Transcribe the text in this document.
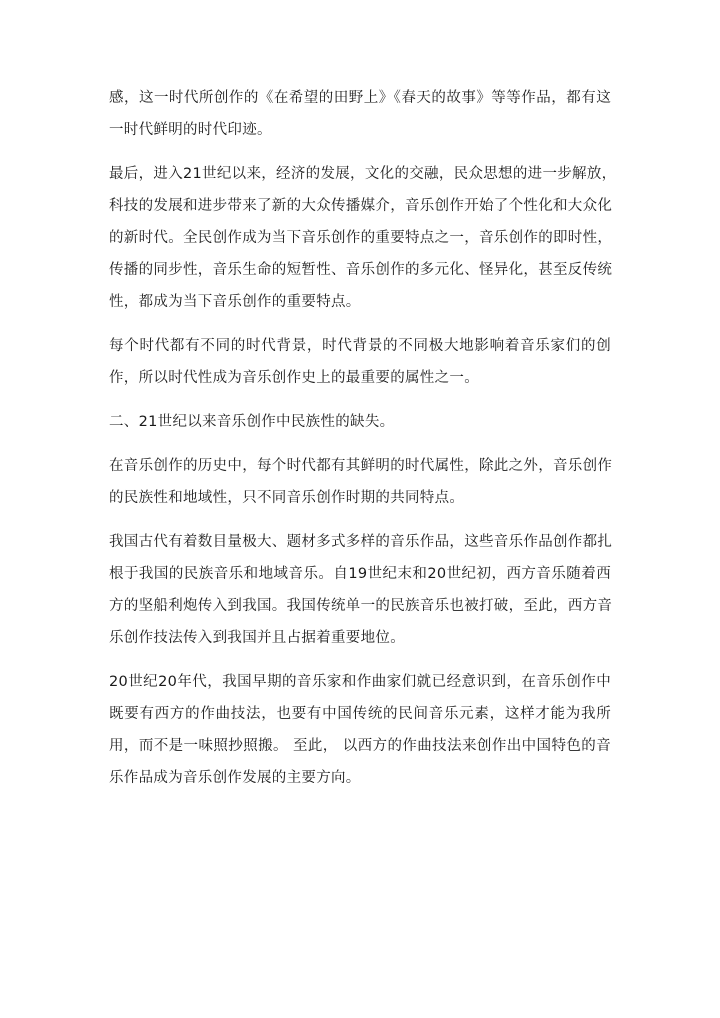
感，这一时代所创作的《在希望的田野上》《春天的故事》等等作品，都有这
一时代鲜明的时代印迹。

最后，进入21世纪以来，经济的发展，文化的交融，民众思想的进一步解放，
科技的发展和进步带来了新的大众传播媒介，音乐创作开始了个性化和大众化
的新时代。全民创作成为当下音乐创作的重要特点之一，音乐创作的即时性，
传播的同步性，音乐生命的短暂性、音乐创作的多元化、怪异化，甚至反传统
性，都成为当下音乐创作的重要特点。

每个时代都有不同的时代背景，时代背景的不同极大地影响着音乐家们的创
作，所以时代性成为音乐创作史上的最重要的属性之一。

二、21世纪以来音乐创作中民族性的缺失。

在音乐创作的历史中，每个时代都有其鲜明的时代属性，除此之外，音乐创作
的民族性和地域性，只不同音乐创作时期的共同特点。

我国古代有着数目量极大、题材多式多样的音乐作品，这些音乐作品创作都扎
根于我国的民族音乐和地域音乐。自19世纪末和20世纪初，西方音乐随着西
方的坚船利炮传入到我国。我国传统单一的民族音乐也被打破，至此，西方音
乐创作技法传入到我国并且占据着重要地位。

20世纪20年代，我国早期的音乐家和作曲家们就已经意识到，在音乐创作中
既要有西方的作曲技法，也要有中国传统的民间音乐元素，这样才能为我所
用，而不是一味照抄照搬。 至此， 以西方的作曲技法来创作出中国特色的音
乐作品成为音乐创作发展的主要方向。
